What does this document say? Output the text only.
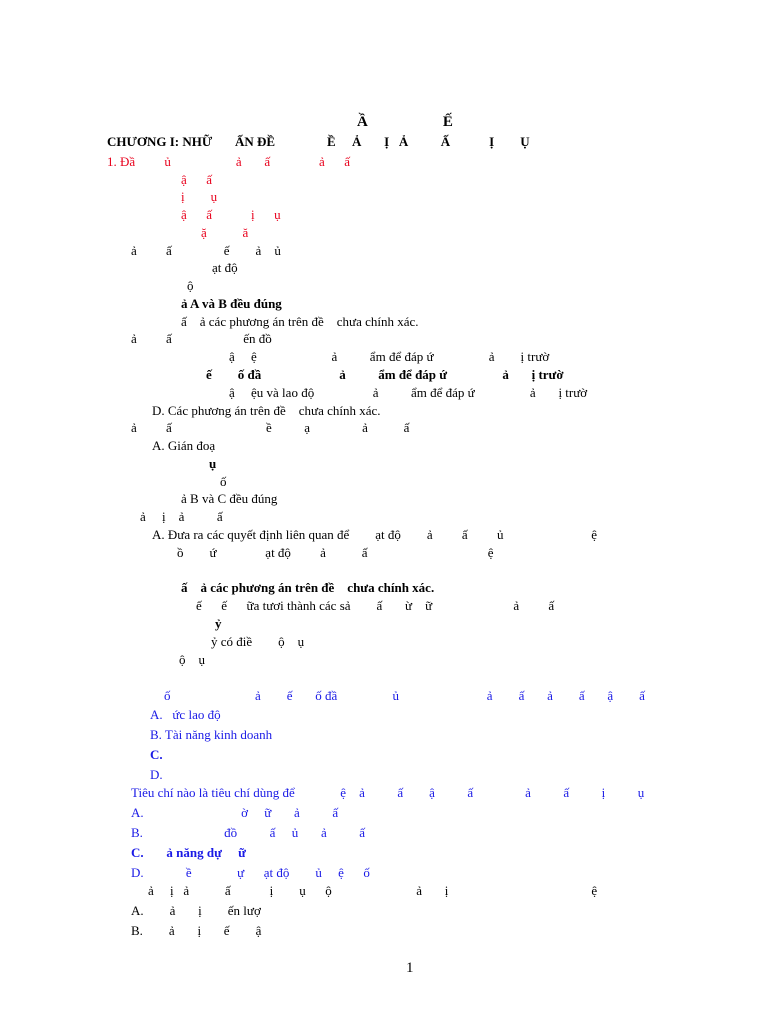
Ầ                    Ế
CHƯƠNG I: NHỮ       ẤN ĐỀ                Ề     Ả       Ị   Ả          Ấ            Ị        Ụ
1. Đầ         ủ                    ả       ấ               ả      ấ
ậ      ấ
ị        ụ
ậ      ấ            ị      ụ
ặ           ă
ả         ấ                ế        ả    ủ
ạt độ
ộ
ả A và B đều đúng
ấ    ả các phương án trên đề    chưa chính xác.
ả         ấ                      ến đồ
ậ     ệ                       ả          ẩm để đáp ứ                 ả        ị trườ
ế        ố đầ                        ả          ẩm để đáp ứ                 ả       ị trườ
ậ     ệu và lao độ                  ả          ẩm để đáp ứ                 ả       ị trườ
D. Các phương án trên đề    chưa chính xác.
ả         ấ                             ề          ạ                ả           ấ
A. Gián đoạ
ụ
ố
ả B và C đều đúng
ả     ị    ả          ấ
A. Đưa ra các quyết định liên quan để        ạt độ        ả         ấ         ủ                           ệ
ồ        ứ               ạt độ         ả           ấ                                     ệ
ấ    ả các phương án trên đề    chưa chính xác.
ế      ế      ữa tươi thành các sả        ấ       ừ    ữ                         ả         ấ
ỷ
ỷ có điề        ộ    ụ
ộ    ụ
ố                          ả        ế       ố đầ                 ủ                           ả        ấ       ả        ấ       ậ        ấ
A.   ức lao độ
B. Tài năng kinh doanh
C.
D.
Tiêu chí nào là tiêu chí dùng để              ệ    ả          ấ        ậ          ấ                ả          ấ          ị          ụ
A.                              ờ     ữ       ả          ấ
B.                         đồ          ấ     ủ       ả          ấ
C.       ả năng dự     ữ
D.             ề              ự      ạt độ        ủ     ệ      ố
ả     ị   ả           ấ            ị        ụ      ộ                          ả       ị                                            ệ
A.        ả       ị        ến lượ
B.        ả       ị       ế        ậ
1
